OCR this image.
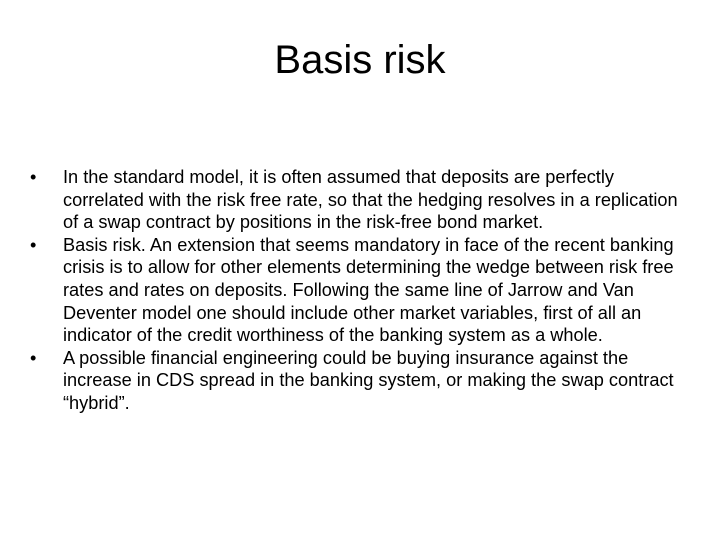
Basis risk
•	In the standard model, it is often assumed that deposits are perfectly correlated with the risk free rate, so that the hedging resolves in a replication of a swap contract by positions in the risk-free bond market.
•	Basis risk. An extension that seems mandatory in face of the recent banking crisis is to allow for other elements determining the wedge between risk free rates and rates on deposits. Following the same line of Jarrow and Van Deventer model one should include other market variables, first of all an indicator of the credit worthiness of the banking system as a whole.
•	A possible financial engineering could be buying insurance against the increase in CDS spread in the banking system, or making the swap contract “hybrid”.
